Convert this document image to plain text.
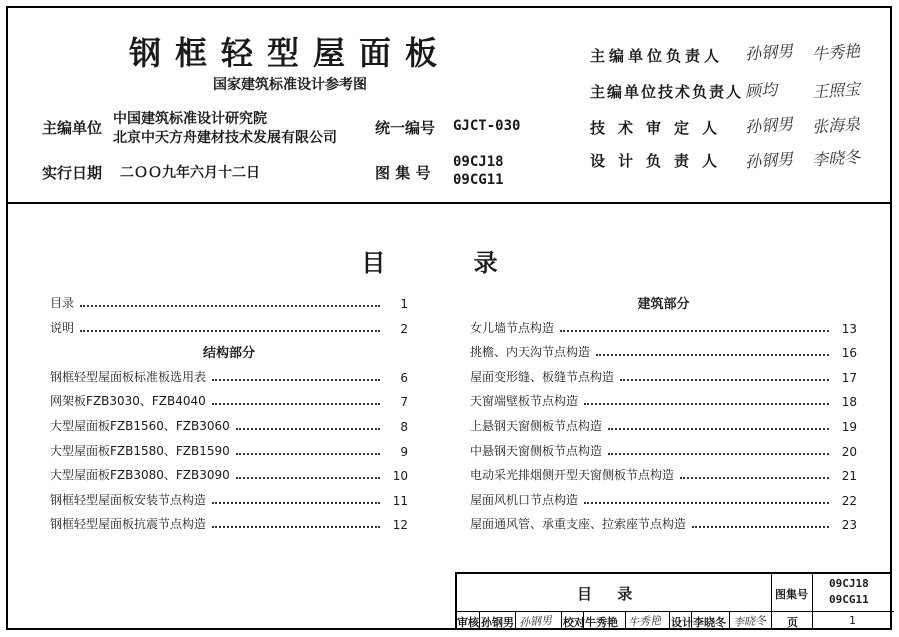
钢框轻型屋面板
国家建筑标准设计参考图
主编单位 中国建筑标准设计研究院
北京中天方舟建材技术发展有限公司
统一编号 GJCT-030
实行日期 二ＯＯ九年六月十二日	图 集 号
09CJ18
09CG11
主编单位负责人 孙钢男 牛秀艳
主编单位技术负责人 顾均 王照宝
技术审定人 孙钢男 张海泉
设计负责人 孙钢男 李晓冬
目 录
目录	1
说明	2
结构部分
钢框轻型屋面板标准板选用表	6
网架板FZB3030、FZB4040	7
大型屋面板FZB1560、FZB3060	8
大型屋面板FZB1580、FZB1590	9
大型屋面板FZB3080、FZB3090	10
钢框轻型屋面板安装节点构造	11
钢框轻型屋面板抗震节点构造	12
建筑部分
女儿墙节点构造	13
挑檐、内天沟节点构造	16
屋面变形缝、板缝节点构造	17
天窗端壁板节点构造	18
上悬钢天窗侧板节点构造	19
中悬钢天窗侧板节点构造	20
电动采光排烟侧开型天窗侧板节点构造	21
屋面风机口节点构造	22
屋面通风管、承重支座、拉索座节点构造	23
目 录	图集号
09CJ18
09CG11
审核 孙钢男 孙钢男 校对 牛秀艳 牛秀艳 设计 李晓冬 李晓冬 页	1
